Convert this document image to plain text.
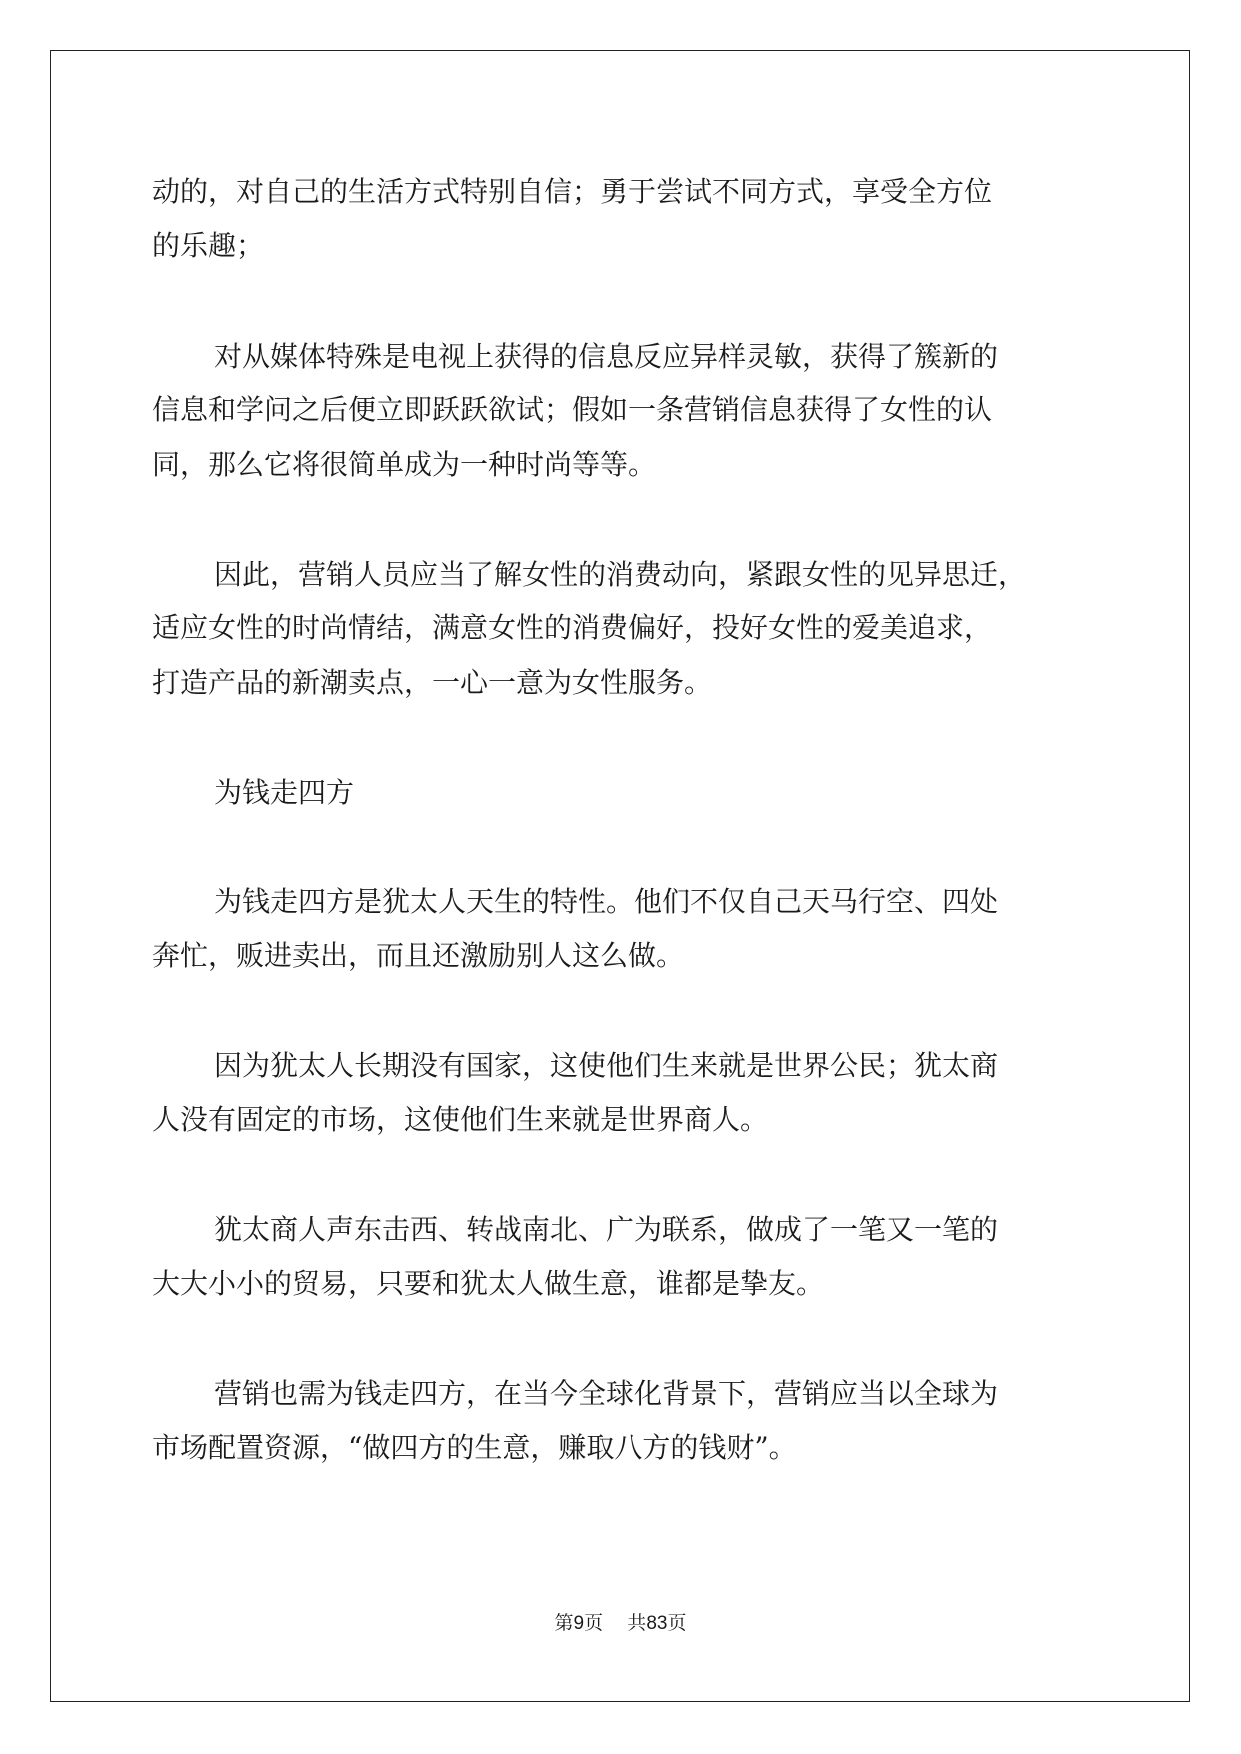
动的，对自己的生活方式特别自信；勇于尝试不同方式，享受全方位
的乐趣；
对从媒体特殊是电视上获得的信息反应异样灵敏，获得了簇新的
信息和学问之后便立即跃跃欲试；假如一条营销信息获得了女性的认
同，那么它将很简单成为一种时尚等等。
因此，营销人员应当了解女性的消费动向，紧跟女性的见异思迁，
适应女性的时尚情结，满意女性的消费偏好，投好女性的爱美追求，
打造产品的新潮卖点，一心一意为女性服务。
为钱走四方
为钱走四方是犹太人天生的特性。他们不仅自己天马行空、四处
奔忙，贩进卖出，而且还激励别人这么做。
因为犹太人长期没有国家，这使他们生来就是世界公民；犹太商
人没有固定的市场，这使他们生来就是世界商人。
犹太商人声东击西、转战南北、广为联系，做成了一笔又一笔的
大大小小的贸易，只要和犹太人做生意，谁都是挚友。
营销也需为钱走四方，在当今全球化背景下，营销应当以全球为
市场配置资源，“做四方的生意，赚取八方的钱财”。
第9页 共83页
